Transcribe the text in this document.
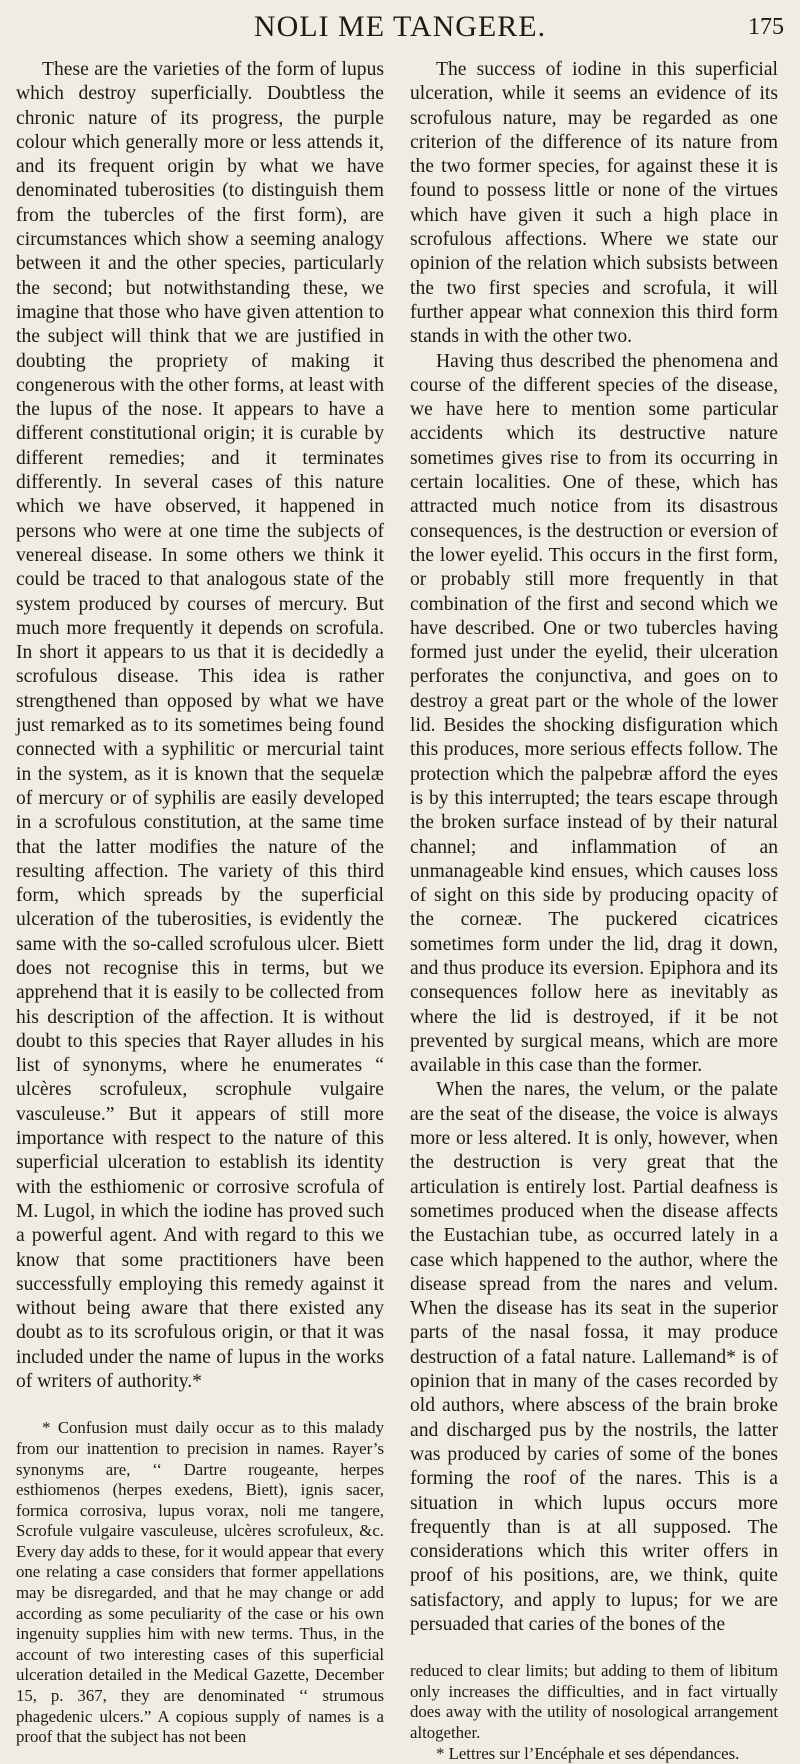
NOLI ME TANGERE.	175

These are the varieties of the form of lupus which destroy superficially. Doubtless the chronic nature of its progress, the purple colour which generally more or less attends it, and its frequent origin by what we have denominated tuberosities (to distinguish them from the tubercles of the first form), are circumstances which show a seeming analogy between it and the other species, particularly the second; but notwithstanding these, we imagine that those who have given attention to the subject will think that we are justified in doubting the propriety of making it congenerous with the other forms, at least with the lupus of the nose. It appears to have a different constitutional origin; it is curable by different remedies; and it terminates differently. In several cases of this nature which we have observed, it happened in persons who were at one time the subjects of venereal disease. In some others we think it could be traced to that analogous state of the system produced by courses of mercury. But much more frequently it depends on scrofula. In short it appears to us that it is decidedly a scrofulous disease. This idea is rather strengthened than opposed by what we have just remarked as to its sometimes being found connected with a syphilitic or mercurial taint in the system, as it is known that the sequelæ of mercury or of syphilis are easily developed in a scrofulous constitution, at the same time that the latter modifies the nature of the resulting affection. The variety of this third form, which spreads by the superficial ulceration of the tuberosities, is evidently the same with the so-called scrofulous ulcer. Biett does not recognise this in terms, but we apprehend that it is easily to be collected from his description of the affection. It is without doubt to this species that Rayer alludes in his list of synonyms, where he enumerates “ ulcères scrofuleux, scrophule vulgaire vasculeuse.” But it appears of still more importance with respect to the nature of this superficial ulceration to establish its identity with the esthiomenic or corrosive scrofula of M. Lugol, in which the iodine has proved such a powerful agent. And with regard to this we know that some practitioners have been successfully employing this remedy against it without being aware that there existed any doubt as to its scrofulous origin, or that it was included under the name of lupus in the works of writers of authority.*

* Confusion must daily occur as to this malady from our inattention to precision in names. Rayer’s synonyms are, ‘‘ Dartre rougeante, herpes esthiomenos (herpes exedens, Biett), ignis sacer, formica corrosiva, lupus vorax, noli me tangere, Scrofule vulgaire vasculeuse, ulcères scrofuleux, &c. Every day adds to these, for it would appear that every one relating a case considers that former appellations may be disregarded, and that he may change or add according as some peculiarity of the case or his own ingenuity supplies him with new terms. Thus, in the account of two interesting cases of this superficial ulceration detailed in the Medical Gazette, December 15, p. 367, they are denominated ‘‘ strumous phagedenic ulcers.” A copious supply of names is a proof that the subject has not been

The success of iodine in this superficial ulceration, while it seems an evidence of its scrofulous nature, may be regarded as one criterion of the difference of its nature from the two former species, for against these it is found to possess little or none of the virtues which have given it such a high place in scrofulous affections. Where we state our opinion of the relation which subsists between the two first species and scrofula, it will further appear what connexion this third form stands in with the other two.

Having thus described the phenomena and course of the different species of the disease, we have here to mention some particular accidents which its destructive nature sometimes gives rise to from its occurring in certain localities. One of these, which has attracted much notice from its disastrous consequences, is the destruction or eversion of the lower eyelid. This occurs in the first form, or probably still more frequently in that combination of the first and second which we have described. One or two tubercles having formed just under the eyelid, their ulceration perforates the conjunctiva, and goes on to destroy a great part or the whole of the lower lid. Besides the shocking disfiguration which this produces, more serious effects follow. The protection which the palpebræ afford the eyes is by this interrupted; the tears escape through the broken surface instead of by their natural channel; and inflammation of an unmanageable kind ensues, which causes loss of sight on this side by producing opacity of the corneæ. The puckered cicatrices sometimes form under the lid, drag it down, and thus produce its eversion. Epiphora and its consequences follow here as inevitably as where the lid is destroyed, if it be not prevented by surgical means, which are more available in this case than the former.

When the nares, the velum, or the palate are the seat of the disease, the voice is always more or less altered. It is only, however, when the destruction is very great that the articulation is entirely lost. Partial deafness is sometimes produced when the disease affects the Eustachian tube, as occurred lately in a case which happened to the author, where the disease spread from the nares and velum. When the disease has its seat in the superior parts of the nasal fossa, it may produce destruction of a fatal nature. Lallemand* is of opinion that in many of the cases recorded by old authors, where abscess of the brain broke and discharged pus by the nostrils, the latter was produced by caries of some of the bones forming the roof of the nares. This is a situation in which lupus occurs more frequently than is at all supposed. The considerations which this writer offers in proof of his positions, are, we think, quite satisfactory, and apply to lupus; for we are persuaded that caries of the bones of the

reduced to clear limits; but adding to them of libitum only increases the difficulties, and in fact virtually does away with the utility of nosological arrangement altogether.

* Lettres sur l’Encéphale et ses dépendances.
